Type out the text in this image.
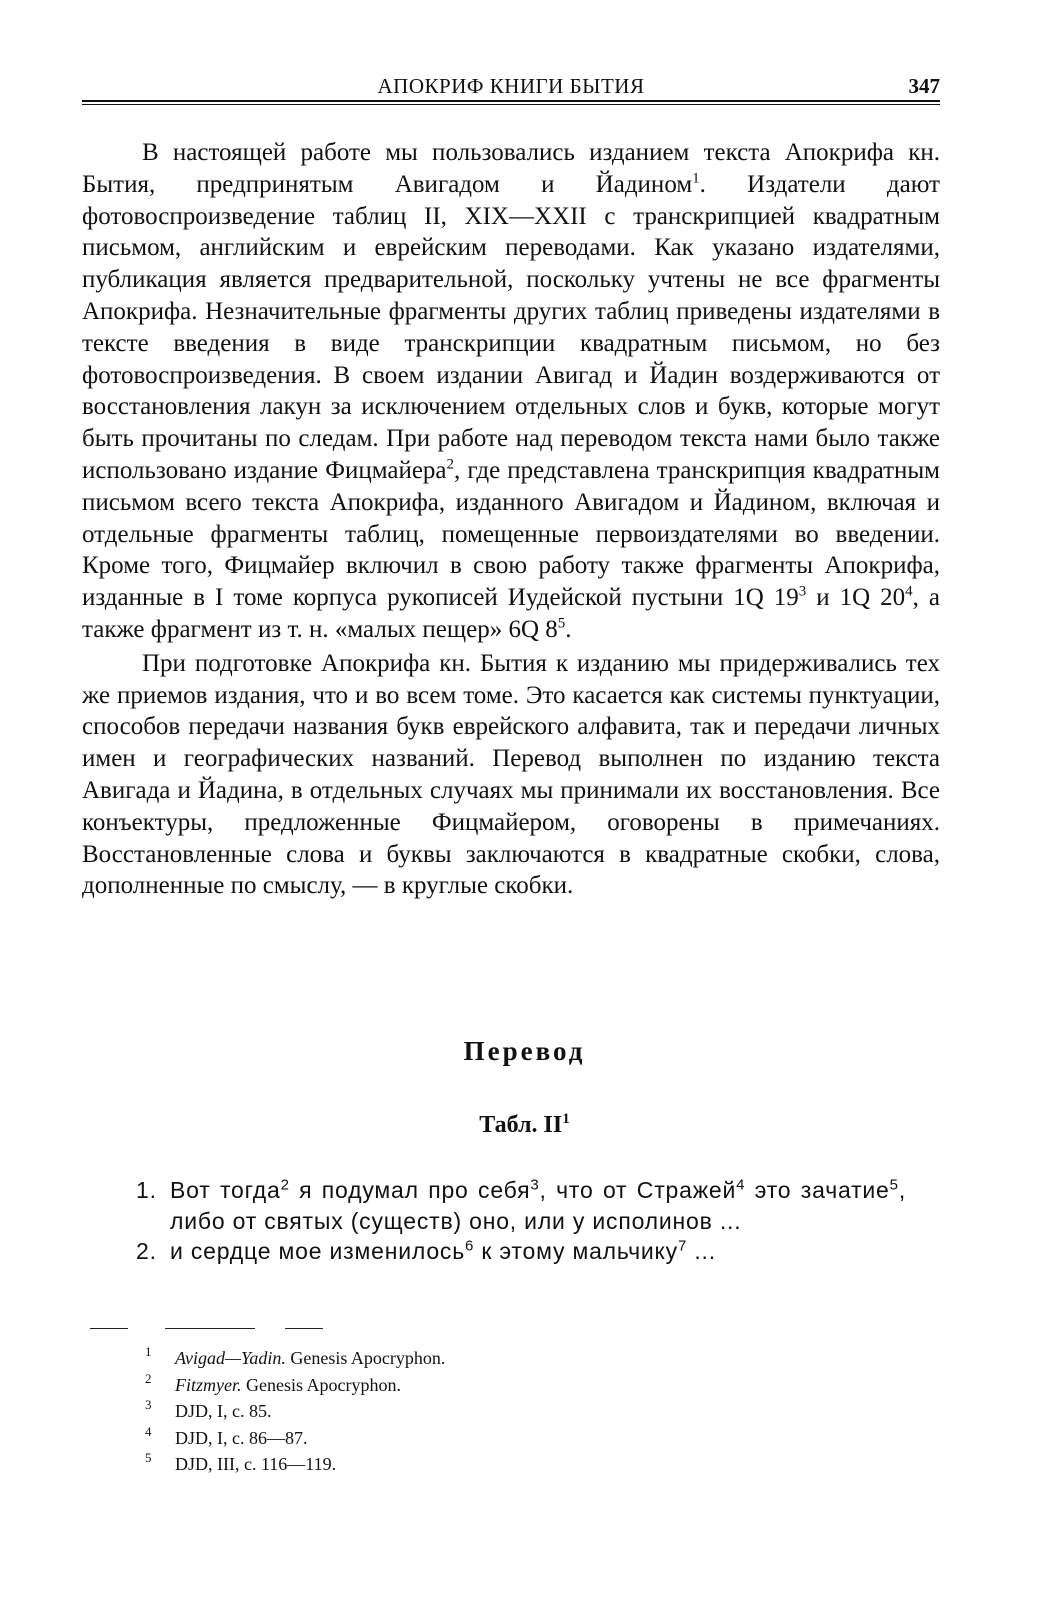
АПОКРИФ КНИГИ БЫТИЯ	347

В настоящей работе мы пользовались изданием текста Апокрифа кн. Бытия, предпринятым Авигадом и Йадином$^1$. Издатели дают фотовоспроизведение таблиц II, XIX—XXII с транскрипцией квадратным письмом, английским и еврейским переводами. Как указано издателями, публикация является предварительной, поскольку учтены не все фрагменты Апокрифа. Незначительные фрагменты других таблиц приведены издателями в тексте введения в виде транскрипции квадратным письмом, но без фотовоспроизведения. В своем издании Авигад и Йадин воздерживаются от восстановления лакун за исключением отдельных слов и букв, которые могут быть прочитаны по следам. При работе над переводом текста нами было также использовано издание Фицмайера$^2$, где представлена транскрипция квадратным письмом всего текста Апокрифа, изданного Авигадом и Йадином, включая и отдельные фрагменты таблиц, помещенные первоиздателями во введении. Кроме того, Фицмайер включил в свою работу также фрагменты Апокрифа, изданные в I томе корпуса рукописей Иудейской пустыни 1Q $19^3$ и 1Q $20^4$, а также фрагмент из т. н. «малых пещер» 6Q $8^5$.

При подготовке Апокрифа кн. Бытия к изданию мы придерживались тех же приемов издания, что и во всем томе. Это касается как системы пунктуации, способов передачи названия букв еврейского алфавита, так и передачи личных имен и географических названий. Перевод выполнен по изданию текста Авигада и Йадина, в отдельных случаях мы принимали их восстановления. Все конъектуры, предложенные Фицмайером, оговорены в примечаниях. Восстановленные слова и буквы заключаются в квадратные скобки, слова, дополненные по смыслу, — в круглые скобки.

Перевод
Табл. $II^1$
1. Вот тогда$^2$ я подумал про себя$^3$, что от Стражей$^4$ это зачатие$^5$, либо от святых (существ) оно, или у исполинов ...
2. и сердце мое изменилось$^6$ к этому мальчику$^7$ ...
1 Avigad—Yadin. Genesis Apocryphon.
2 Fitzmyer. Genesis Apocryphon.
3 DJD, I, с. 85.
4 DJD, I, с. 86—87.
5 DJD, III, с. 116—119.
